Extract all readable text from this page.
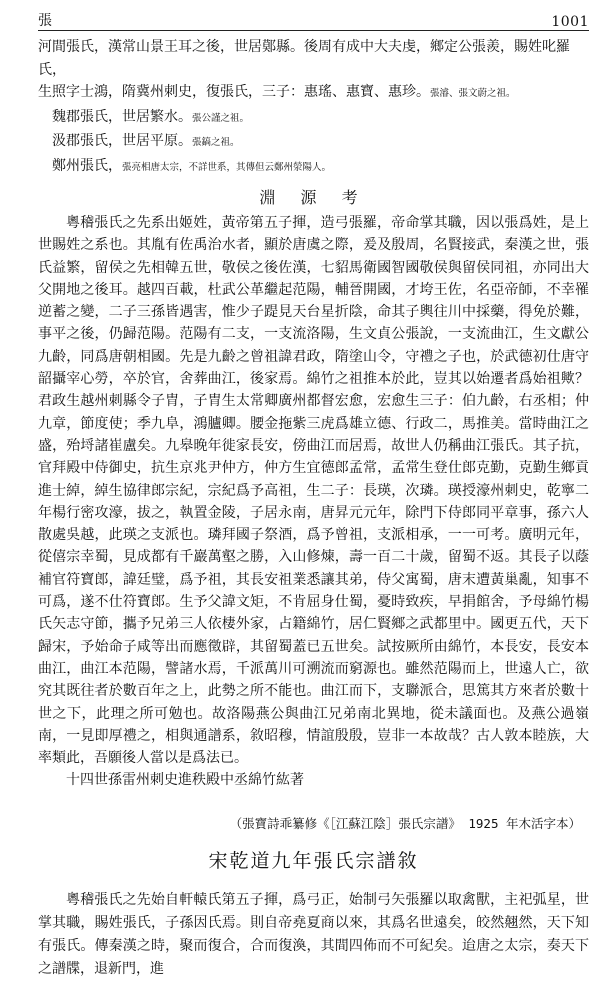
張	1001

河間張氏，漢常山景王耳之後，世居鄚縣。後周有成中大夫虔，鄉定公張羨，賜姓叱羅氏，

生照字士鴻，隋冀州刺史，復張氏，三子：惠瑤、惠寶、惠珍。張濬、張文蔚之祖。

魏郡張氏，世居繁水。張公謹之祖。

汲郡張氏，世居平原。張鎬之祖。

鄭州張氏，張亮相唐太宗，不詳世系，其傳但云鄭州滎陽人。

淵 源 考

粵稽張氏之先系出姬姓，黃帝第五子揮，造弓張羅，帝命掌其職，因以張爲姓，是上世賜姓之系也。其胤有佐禹治水者，顯於唐虞之際，爰及殷周，名賢接武，秦漢之世，張氏益繁，留侯之先相韓五世，敬侯之後佐漢，七貂馬衛國智國敬侯與留侯同祖，亦同出大父開地之後耳。越四百載，杜武公革繼起范陽，輔晉開國，才垮王佐，名亞帝師，不幸罹逆蓄之變，二子三孫皆遇害，惟少子踶見天台星折陰，命其子輿往川中採藥，得免於難，事平之後，仍歸范陽。范陽有二支，一支流洛陽，生文貞公張說，一支流曲江，生文獻公九齡，同爲唐朝相國。先是九齡之曾祖諱君政，隋塗山令，守禮之子也，於武德初仕唐守韶攝宰心勞，卒於官，舍葬曲江，後家焉。綿竹之祖推本於此，豈其以始遷者爲始祖歟？君政生越州刺縣令子胄，子胄生太常卿廣州都督宏愈，宏愈生三子：伯九齡，右丞相；仲九章，節度使；季九阜，鴻臚卿。腰金拖紫三虎爲雄立德、行政二，馬推美。當時曲江之盛，殆埒諸崔盧矣。九皋晚年徙家長安，傍曲江而居焉，故世人仍稱曲江張氏。其子抗，官拜殿中侍御史，抗生京兆尹仲方，仲方生宜德郎孟常，孟常生登仕郎克勤，克勤生鄉貢進士綽，綽生協律郎宗紀，宗紀爲予高祖，生二子：長瑛，次璘。瑛授濠州刺史，乾寧二年楊行密攻濠，拔之，執置金陵，子居永南，唐昇元元年，除門下侍郎同平章事，孫六人散處吳越，此瑛之支派也。璘拜國子祭酒，爲予曾祖，支派相承，一一可考。廣明元年，從僖宗幸蜀，見成都有千巖萬壑之勝，入山修煉，壽一百二十歲，留蜀不返。其長子以蔭補官符寶郎，諱廷璧，爲予祖，其長安祖業悉讓其弟，侍父寓蜀，唐末遭黃巢亂，知事不可爲，遂不仕符寶郎。生予父諱文矩，不肯屈身仕蜀，憂時致疾，早捐館舍，予母綿竹楊氏矢志守節，攜予兄弟三人依棲外家，占籍綿竹，居仁賢鄉之武都里中。國更五代，天下歸宋，予始命子咸等出而應徵辟，其留蜀蓋已五世矣。試按厥所由綿竹，本長安，長安本曲江，曲江本范陽，譬諸水焉，千派萬川可溯流而窮源也。雖然范陽而上，世遠人亡，欲究其既往者於數百年之上，此勢之所不能也。曲江而下，支聯派合，思篤其方來者於數十世之下，此理之所可勉也。故洛陽燕公與曲江兄弟南北異地，從未議面也。及燕公過嶺南，一見即厚禮之，相與通譜系，敘昭穆，情誼殷殷，豈非一本故哉？古人敦本睦族，大率類此，吾願後人當以是爲法已。

十四世孫雷州刺史進秩殿中丞綿竹紘著

（張寶詩乖纂修《［江蘇江陰］張氏宗譜》 1925 年木活字本）
宋乾道九年張氏宗譜敘

粵稽張氏之先始自軒轅氏第五子揮，爲弓正，始制弓矢張羅以取禽獸，主祀弧星，世掌其職，賜姓張氏，子孫因氏焉。則自帝堯夏商以來，其爲名世遠矣，皎然翹然，天下知有張氏。傳秦漢之時，聚而復合，合而復渙，其間四佈而不可紀矣。迨唐之太宗，奏天下之譜牒，退新門，進
